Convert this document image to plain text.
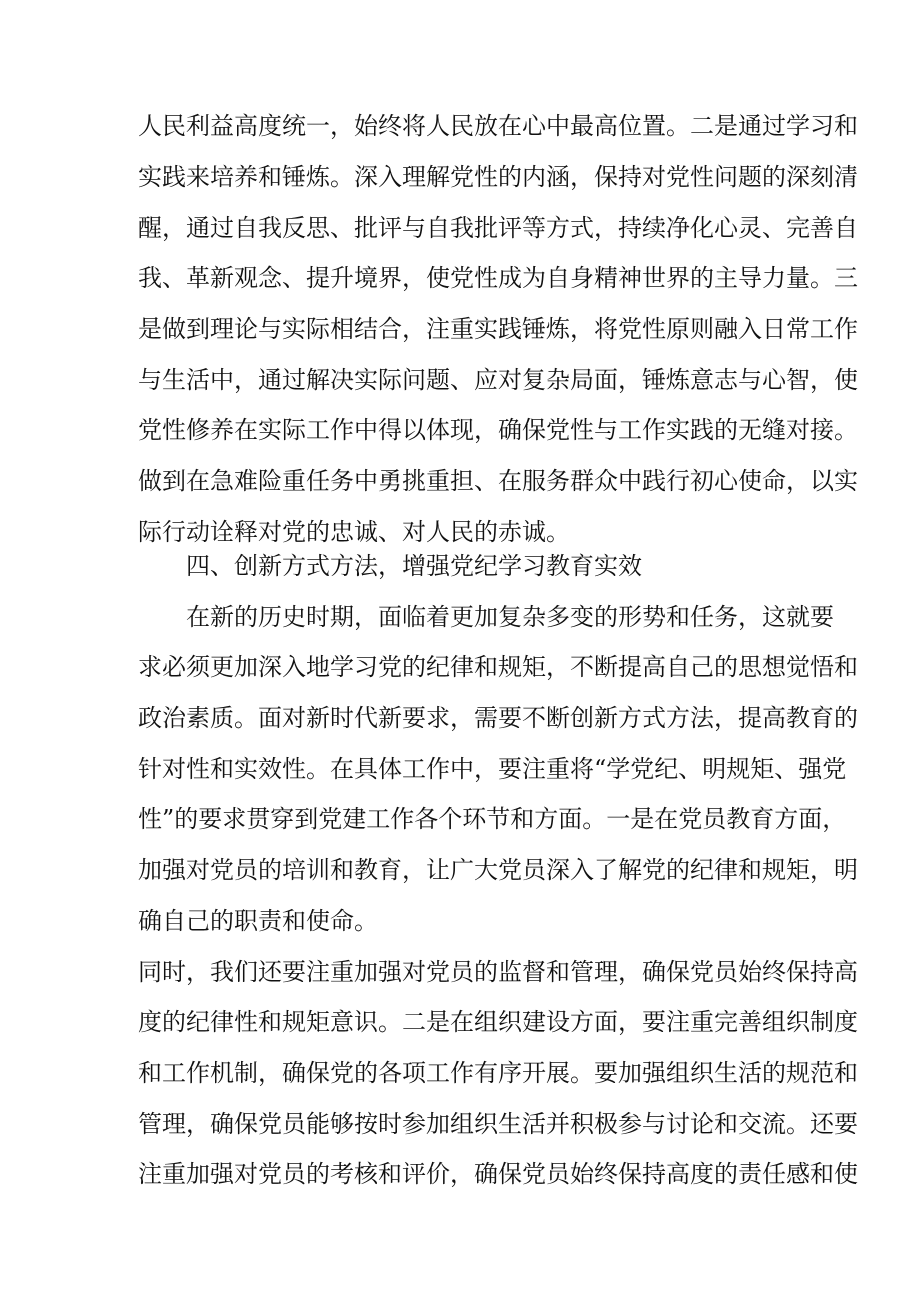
人民利益高度统一，始终将人民放在心中最高位置。二是通过学习和
实践来培养和锤炼。深入理解党性的内涵，保持对党性问题的深刻清
醒，通过自我反思、批评与自我批评等方式，持续净化心灵、完善自
我、革新观念、提升境界，使党性成为自身精神世界的主导力量。三
是做到理论与实际相结合，注重实践锤炼，将党性原则融入日常工作
与生活中，通过解决实际问题、应对复杂局面，锤炼意志与心智，使
党性修养在实际工作中得以体现，确保党性与工作实践的无缝对接。
做到在急难险重任务中勇挑重担、在服务群众中践行初心使命，以实
际行动诠释对党的忠诚、对人民的赤诚。
四、创新方式方法，增强党纪学习教育实效
在新的历史时期，面临着更加复杂多变的形势和任务，这就要
求必须更加深入地学习党的纪律和规矩，不断提高自己的思想觉悟和
政治素质。面对新时代新要求，需要不断创新方式方法，提高教育的
针对性和实效性。在具体工作中，要注重将“学党纪、明规矩、强党
性”的要求贯穿到党建工作各个环节和方面。一是在党员教育方面，
加强对党员的培训和教育，让广大党员深入了解党的纪律和规矩，明
确自己的职责和使命。
同时，我们还要注重加强对党员的监督和管理，确保党员始终保持高
度的纪律性和规矩意识。二是在组织建设方面，要注重完善组织制度
和工作机制，确保党的各项工作有序开展。要加强组织生活的规范和
管理，确保党员能够按时参加组织生活并积极参与讨论和交流。还要
注重加强对党员的考核和评价，确保党员始终保持高度的责任感和使
